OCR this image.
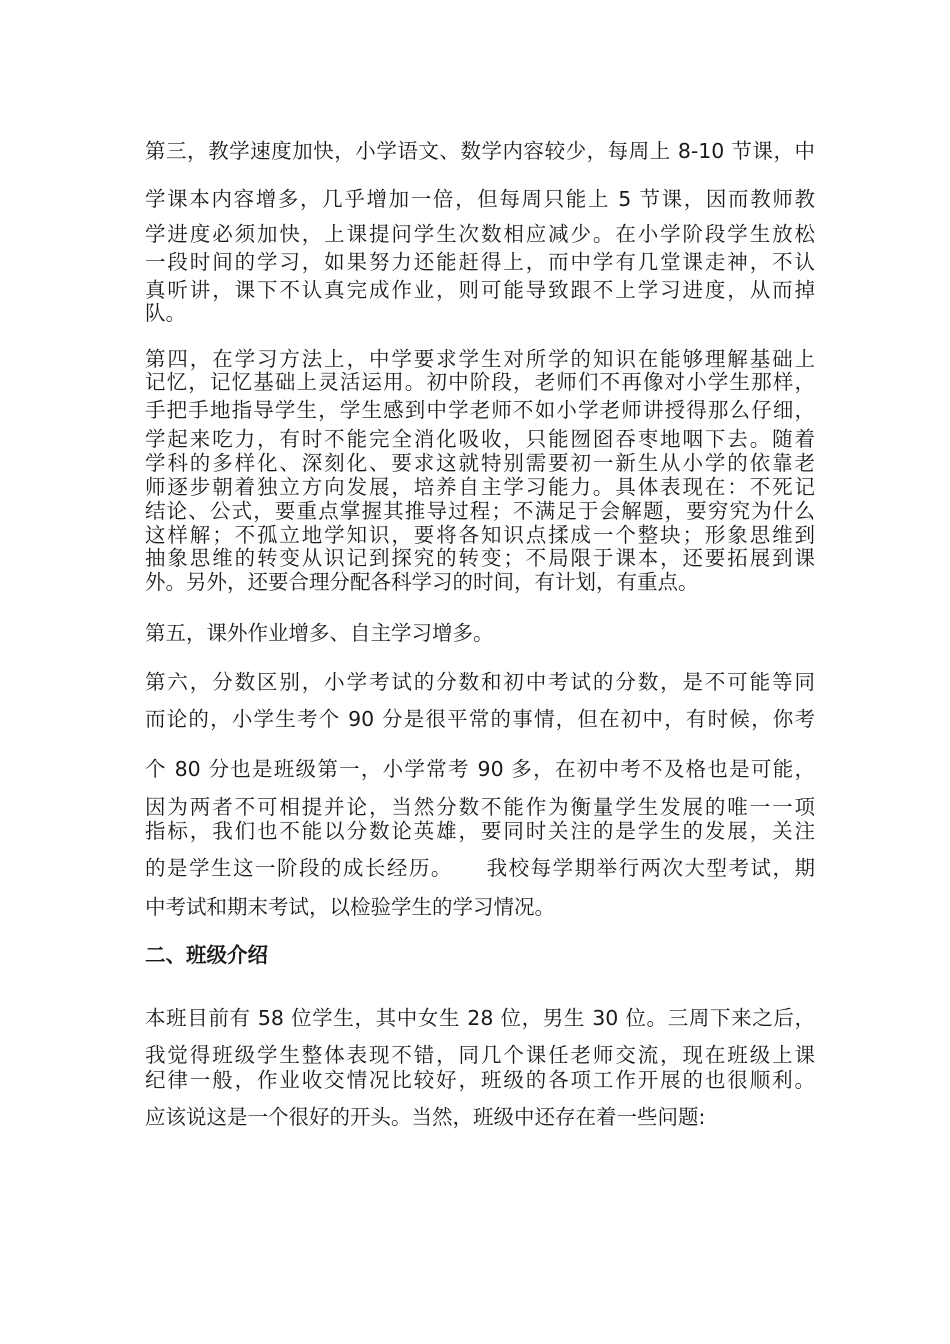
第三，教学速度加快，小学语文、数学内容较少，每周上 8-10 节课，中
学课本内容增多，几乎增加一倍，但每周只能上 5 节课，因而教师教
学进度必须加快，上课提问学生次数相应减少。在小学阶段学生放松
一段时间的学习，如果努力还能赶得上，而中学有几堂课走神，不认
真听讲，课下不认真完成作业，则可能导致跟不上学习进度，从而掉
队。
第四，在学习方法上，中学要求学生对所学的知识在能够理解基础上
记忆，记忆基础上灵活运用。初中阶段，老师们不再像对小学生那样，
手把手地指导学生，学生感到中学老师不如小学老师讲授得那么仔细，
学起来吃力，有时不能完全消化吸收，只能囫囵吞枣地咽下去。随着
学科的多样化、深刻化、要求这就特别需要初一新生从小学的依靠老
师逐步朝着独立方向发展，培养自主学习能力。具体表现在：不死记
结论、公式，要重点掌握其推导过程；不满足于会解题，要穷究为什么
这样解；不孤立地学知识，要将各知识点揉成一个整块；形象思维到
抽象思维的转变从识记到探究的转变；不局限于课本，还要拓展到课
外。另外，还要合理分配各科学习的时间，有计划，有重点。
第五，课外作业增多、自主学习增多。
第六，分数区别，小学考试的分数和初中考试的分数，是不可能等同
而论的，小学生考个 90 分是很平常的事情，但在初中，有时候，你考
个 80 分也是班级第一，小学常考 90 多，在初中考不及格也是可能，
因为两者不可相提并论，当然分数不能作为衡量学生发展的唯一一项
指标，我们也不能以分数论英雄，要同时关注的是学生的发展，关注
的是学生这一阶段的成长经历。　　我校每学期举行两次大型考试，期
中考试和期末考试，以检验学生的学习情况。
二、班级介绍
本班目前有 58 位学生，其中女生 28 位，男生 30 位。三周下来之后，
我觉得班级学生整体表现不错，同几个课任老师交流，现在班级上课
纪律一般，作业收交情况比较好，班级的各项工作开展的也很顺利。
应该说这是一个很好的开头。当然，班级中还存在着一些问题:
